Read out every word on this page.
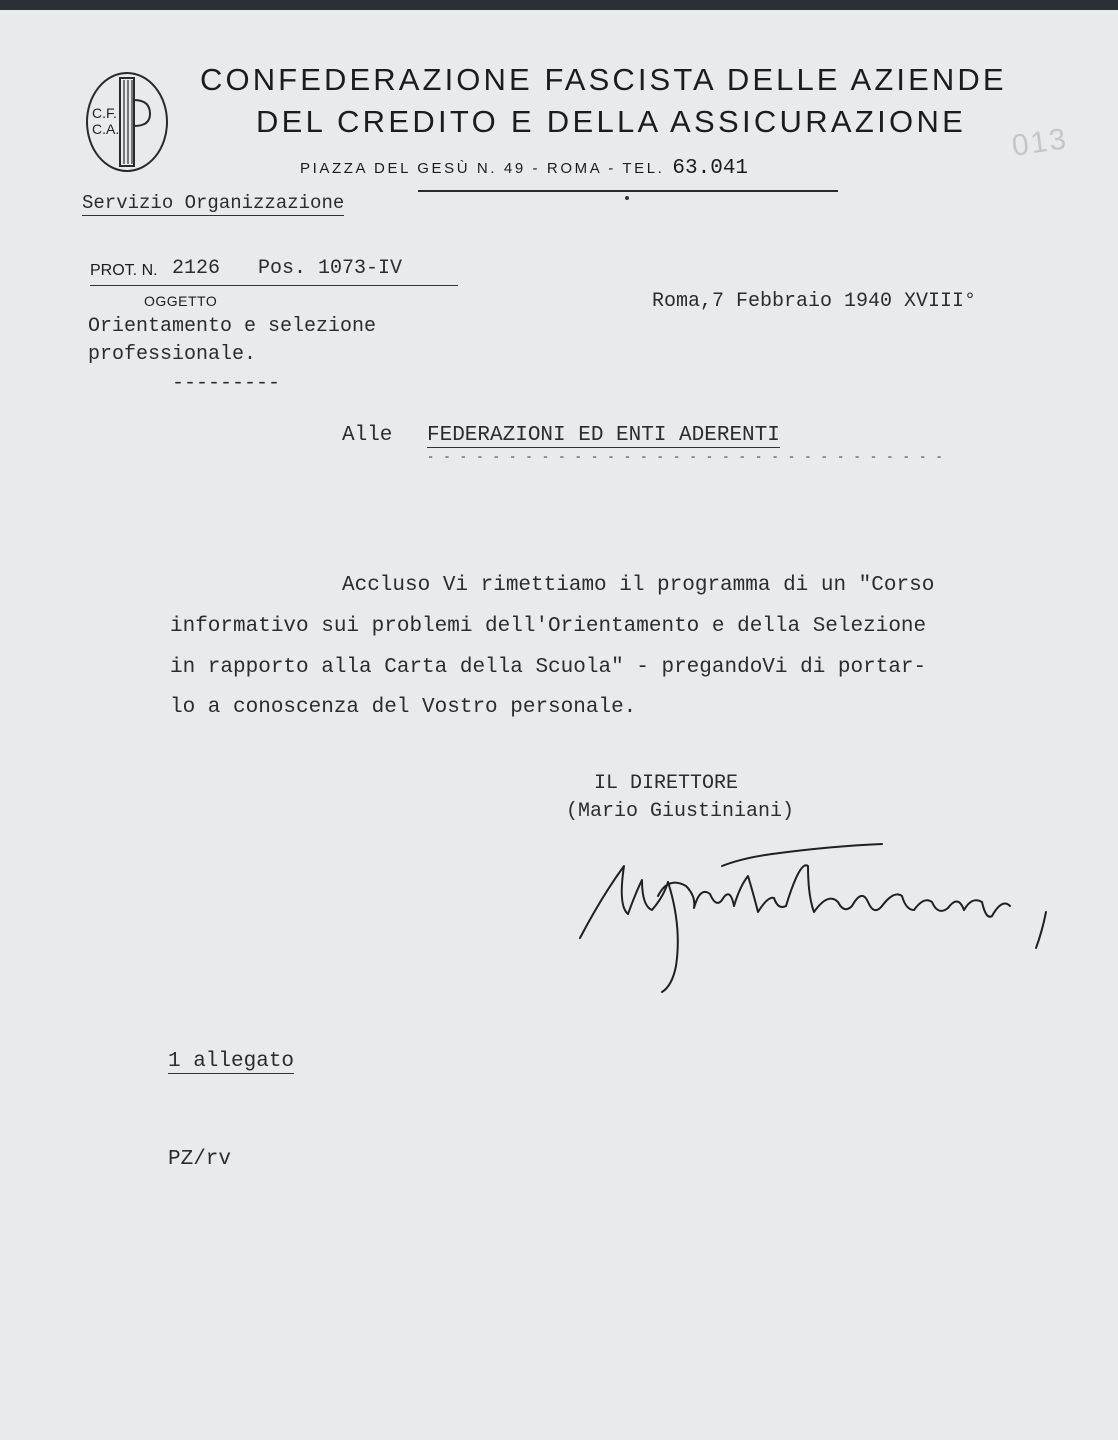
C.F.
C.A.
CONFEDERAZIONE FASCISTA DELLE AZIENDE
DEL CREDITO E DELLA ASSICURAZIONE
PIAZZA DEL GESÙ N. 49 - ROMA - TEL. 63.041
013
Servizio Organizzazione
PROT. N. 2126 Pos. 1073-IV
OGGETTO
Orientamento e selezione
professionale.
---------
Roma,7 Febbraio 1940 XVIII°
Alle FEDERAZIONI ED ENTI ADERENTI
- - - - - - - - - - - - - - - - - - - - - - - - - - - - - - - -
Accluso Vi rimettiamo il programma di un "Corso
informativo sui problemi dell'Orientamento e della Selezione
in rapporto alla Carta della Scuola" - pregandoVi di portar-
lo a conoscenza del Vostro personale.
IL DIRETTORE
(Mario Giustiniani)
1 allegato
PZ/rv
